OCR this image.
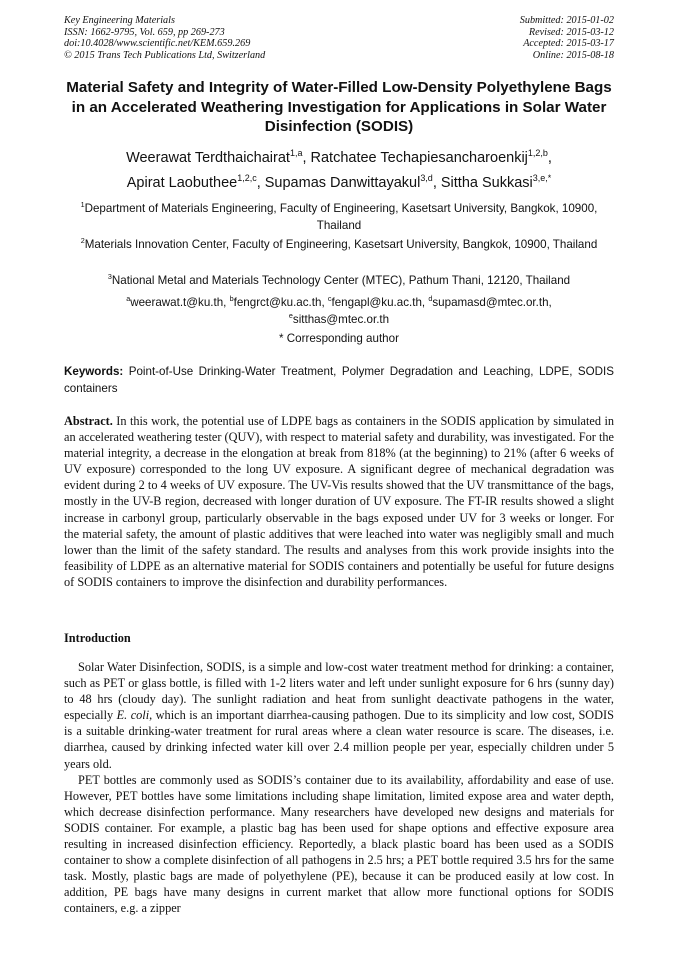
Key Engineering Materials
ISSN: 1662-9795, Vol. 659, pp 269-273
doi:10.4028/www.scientific.net/KEM.659.269
© 2015 Trans Tech Publications Ltd, Switzerland
Submitted: 2015-01-02
Revised: 2015-03-12
Accepted: 2015-03-17
Online: 2015-08-18
Material Safety and Integrity of Water-Filled Low-Density Polyethylene Bags in an Accelerated Weathering Investigation for Applications in Solar Water Disinfection (SODIS)
Weerawat Terdthaichairat$^{1,a}$, Ratchatee Techapiesancharoenkij$^{1,2,b}$,
Apirat Laobuthee$^{1,2,c}$, Supamas Danwittayakul$^{3,d}$, Sittha Sukkasi$^{3,e,*}$
$^1$Department of Materials Engineering, Faculty of Engineering, Kasetsart University, Bangkok, 10900, Thailand
$^2$Materials Innovation Center, Faculty of Engineering, Kasetsart University, Bangkok, 10900, Thailand
$^3$National Metal and Materials Technology Center (MTEC), Pathum Thani, 12120, Thailand
$^a$weerawat.t@ku.th, $^b$fengrct@ku.ac.th, $^c$fengapl@ku.ac.th, $^d$supamasd@mtec.or.th,
$^e$sitthas@mtec.or.th
* Corresponding author
Keywords: Point-of-Use Drinking-Water Treatment, Polymer Degradation and Leaching, LDPE, SODIS containers
Abstract. In this work, the potential use of LDPE bags as containers in the SODIS application by simulated in an accelerated weathering tester (QUV), with respect to material safety and durability, was investigated. For the material integrity, a decrease in the elongation at break from 818% (at the beginning) to 21% (after 6 weeks of UV exposure) corresponded to the long UV exposure. A significant degree of mechanical degradation was evident during 2 to 4 weeks of UV exposure. The UV-Vis results showed that the UV transmittance of the bags, mostly in the UV-B region, decreased with longer duration of UV exposure. The FT-IR results showed a slight increase in carbonyl group, particularly observable in the bags exposed under UV for 3 weeks or longer. For the material safety, the amount of plastic additives that were leached into water was negligibly small and much lower than the limit of the safety standard. The results and analyses from this work provide insights into the feasibility of LDPE as an alternative material for SODIS containers and potentially be useful for future designs of SODIS containers to improve the disinfection and durability performances.
Introduction

Solar Water Disinfection, SODIS, is a simple and low-cost water treatment method for drinking: a container, such as PET or glass bottle, is filled with 1-2 liters water and left under sunlight exposure for 6 hrs (sunny day) to 48 hrs (cloudy day). The sunlight radiation and heat from sunlight deactivate pathogens in the water, especially E. coli, which is an important diarrhea-causing pathogen. Due to its simplicity and low cost, SODIS is a suitable drinking-water treatment for rural areas where a clean water resource is scare. The diseases, i.e. diarrhea, caused by drinking infected water kill over 2.4 million people per year, especially children under 5 years old.

PET bottles are commonly used as SODIS’s container due to its availability, affordability and ease of use. However, PET bottles have some limitations including shape limitation, limited expose area and water depth, which decrease disinfection performance. Many researchers have developed new designs and materials for SODIS container. For example, a plastic bag has been used for shape options and effective exposure area resulting in increased disinfection efficiency. Reportedly, a black plastic board has been used as a SODIS container to show a complete disinfection of all pathogens in 2.5 hrs; a PET bottle required 3.5 hrs for the same task. Mostly, plastic bags are made of polyethylene (PE), because it can be produced easily at low cost. In addition, PE bags have many designs in current market that allow more functional options for SODIS containers, e.g. a zipper
